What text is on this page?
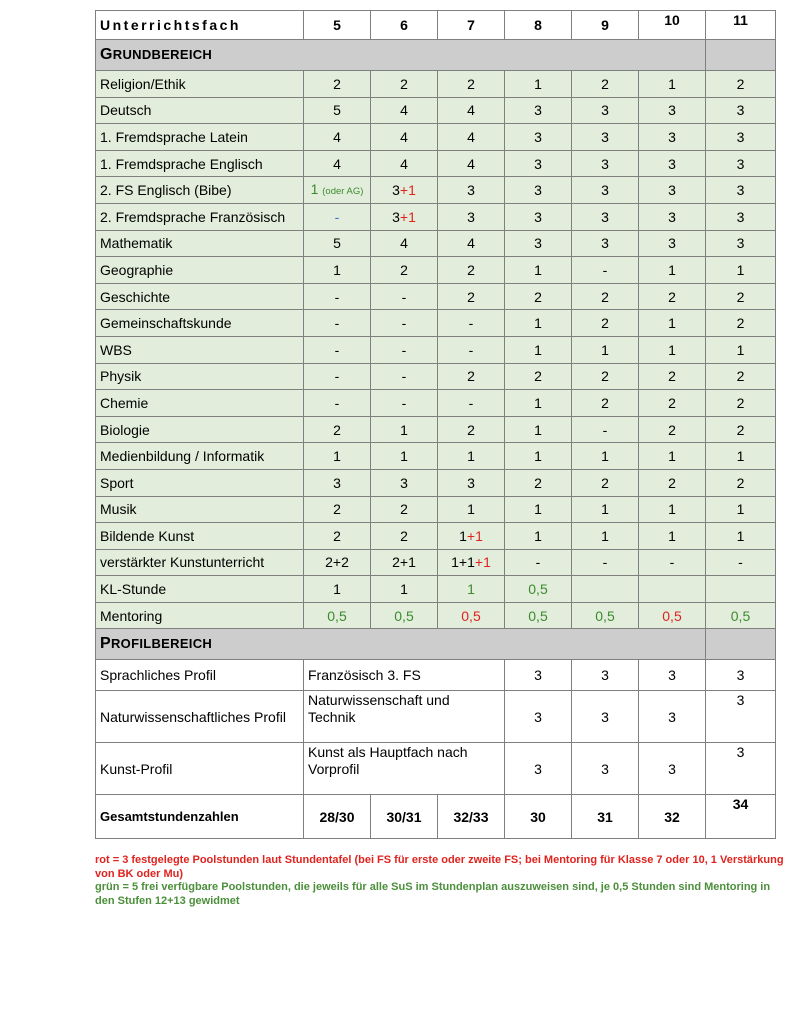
Unterrichtsfach	5	6	7	8	9	10	11
GRUNDBEREICH							
Religion/Ethik	2	2	2	1	2	1	2
Deutsch	5	4	4	3	3	3	3
1. Fremdsprache Latein	4	4	4	3	3	3	3
1. Fremdsprache Englisch	4	4	4	3	3	3	3
2. FS Englisch (Bibe)	1 (oder AG)	3+1	3	3	3	3	3
2. Fremdsprache Französisch	-	3+1	3	3	3	3	3
Mathematik	5	4	4	3	3	3	3
Geographie	1	2	2	1	-	1	1
Geschichte	-	-	2	2	2	2	2
Gemeinschaftskunde	-	-	-	1	2	1	2
WBS	-	-	-	1	1	1	1
Physik	-	-	2	2	2	2	2
Chemie	-	-	-	1	2	2	2
Biologie	2	1	2	1	-	2	2
Medienbildung / Informatik	1	1	1	1	1	1	1
Sport	3	3	3	2	2	2	2
Musik	2	2	1	1	1	1	1
Bildende Kunst	2	2	1+1	1	1	1	1
verstärkter Kunstunterricht	2+2	2+1	1+1+1	-	-	-	-
KL-Stunde	1	1	1	0,5			
Mentoring	0,5	0,5	0,5	0,5	0,5	0,5	0,5
PROFILBEREICH							
Sprachliches Profil	Französisch 3. FS			3	3	3	3
Naturwissenschaftliches Profil	Naturwissenschaft und Technik			3	3	3	3
Kunst-Profil	Kunst als Hauptfach nach Vorprofil			3	3	3	3
Gesamtstundenzahlen	28/30	30/31	32/33	30	31	32	34
rot = 3 festgelegte Poolstunden laut Stundentafel (bei FS für erste oder zweite FS; bei Mentoring für Klasse 7 oder 10, 1 Verstärkung von BK oder Mu)
grün = 5 frei verfügbare Poolstunden, die jeweils für alle SuS im Stundenplan auszuweisen sind, je 0,5 Stunden sind Mentoring in den Stufen 12+13 gewidmet
